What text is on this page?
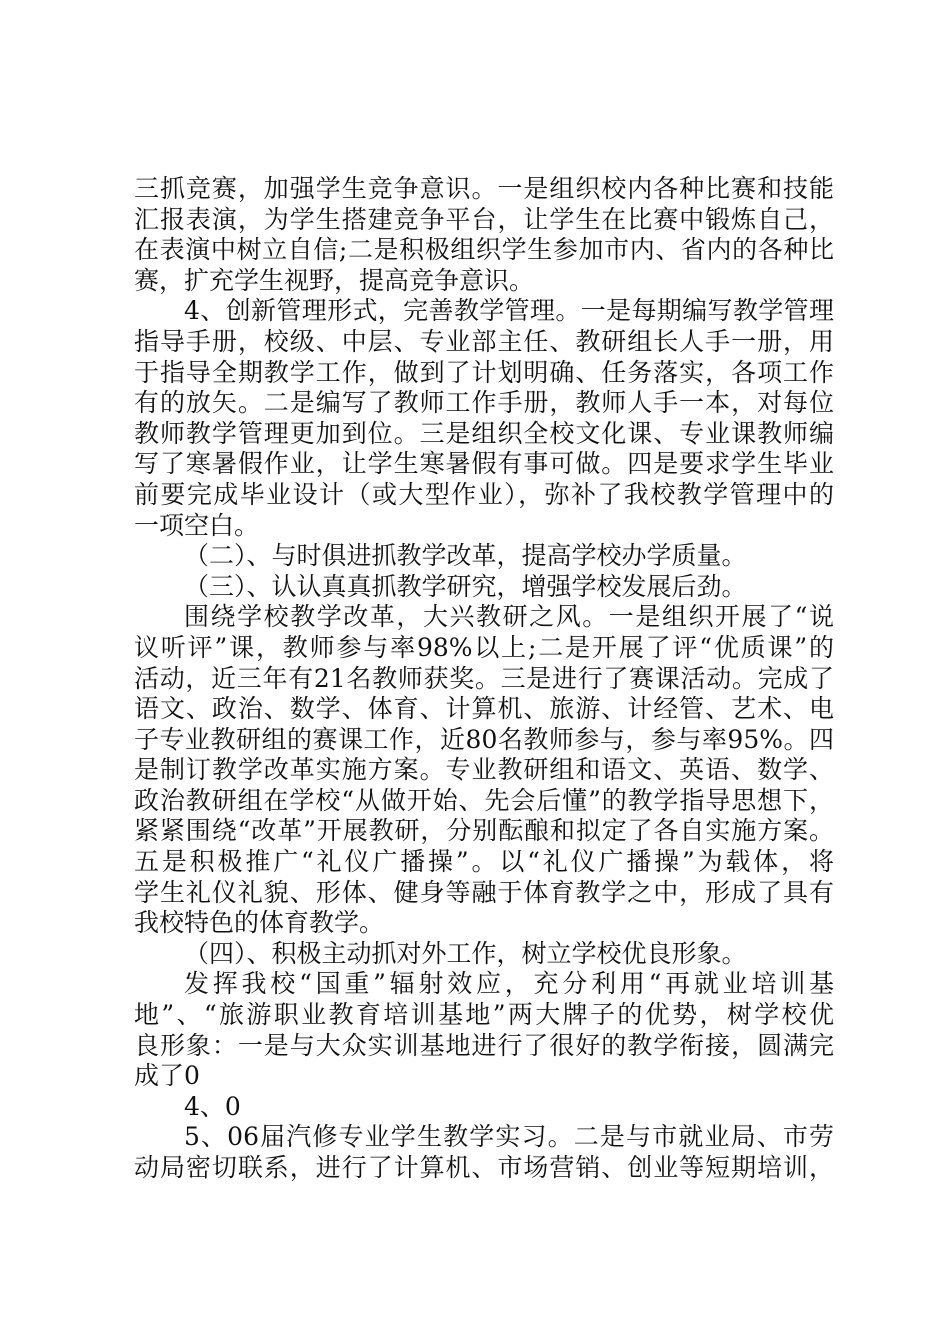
三抓竞赛，加强学生竞争意识。一是组织校内各种比赛和技能
汇报表演，为学生搭建竞争平台，让学生在比赛中锻炼自己，
在表演中树立自信;二是积极组织学生参加市内、省内的各种比
赛，扩充学生视野，提高竞争意识。
4、创新管理形式，完善教学管理。一是每期编写教学管理
指导手册，校级、中层、专业部主任、教研组长人手一册，用
于指导全期教学工作，做到了计划明确、任务落实，各项工作
有的放矢。二是编写了教师工作手册，教师人手一本，对每位
教师教学管理更加到位。三是组织全校文化课、专业课教师编
写了寒暑假作业，让学生寒暑假有事可做。四是要求学生毕业
前要完成毕业设计（或大型作业），弥补了我校教学管理中的
一项空白。
（二）、与时俱进抓教学改革，提高学校办学质量。
（三）、认认真真抓教学研究，增强学校发展后劲。
围绕学校教学改革，大兴教研之风。一是组织开展了“说
议听评”课，教师参与率98%以上;二是开展了评“优质课”的
活动，近三年有21名教师获奖。三是进行了赛课活动。完成了
语文、政治、数学、体育、计算机、旅游、计经管、艺术、电
子专业教研组的赛课工作，近80名教师参与，参与率95%。四
是制订教学改革实施方案。专业教研组和语文、英语、数学、
政治教研组在学校“从做开始、先会后懂”的教学指导思想下，
紧紧围绕“改革”开展教研，分别酝酿和拟定了各自实施方案。
五是积极推广“礼仪广播操”。以“礼仪广播操”为载体，将
学生礼仪礼貌、形体、健身等融于体育教学之中，形成了具有
我校特色的体育教学。
（四）、积极主动抓对外工作，树立学校优良形象。
发挥我校“国重”辐射效应，充分利用“再就业培训基
地”、“旅游职业教育培训基地”两大牌子的优势，树学校优
良形象：一是与大众实训基地进行了很好的教学衔接，圆满完
成了0
4、0
5、06届汽修专业学生教学实习。二是与市就业局、市劳
动局密切联系，进行了计算机、市场营销、创业等短期培训，
